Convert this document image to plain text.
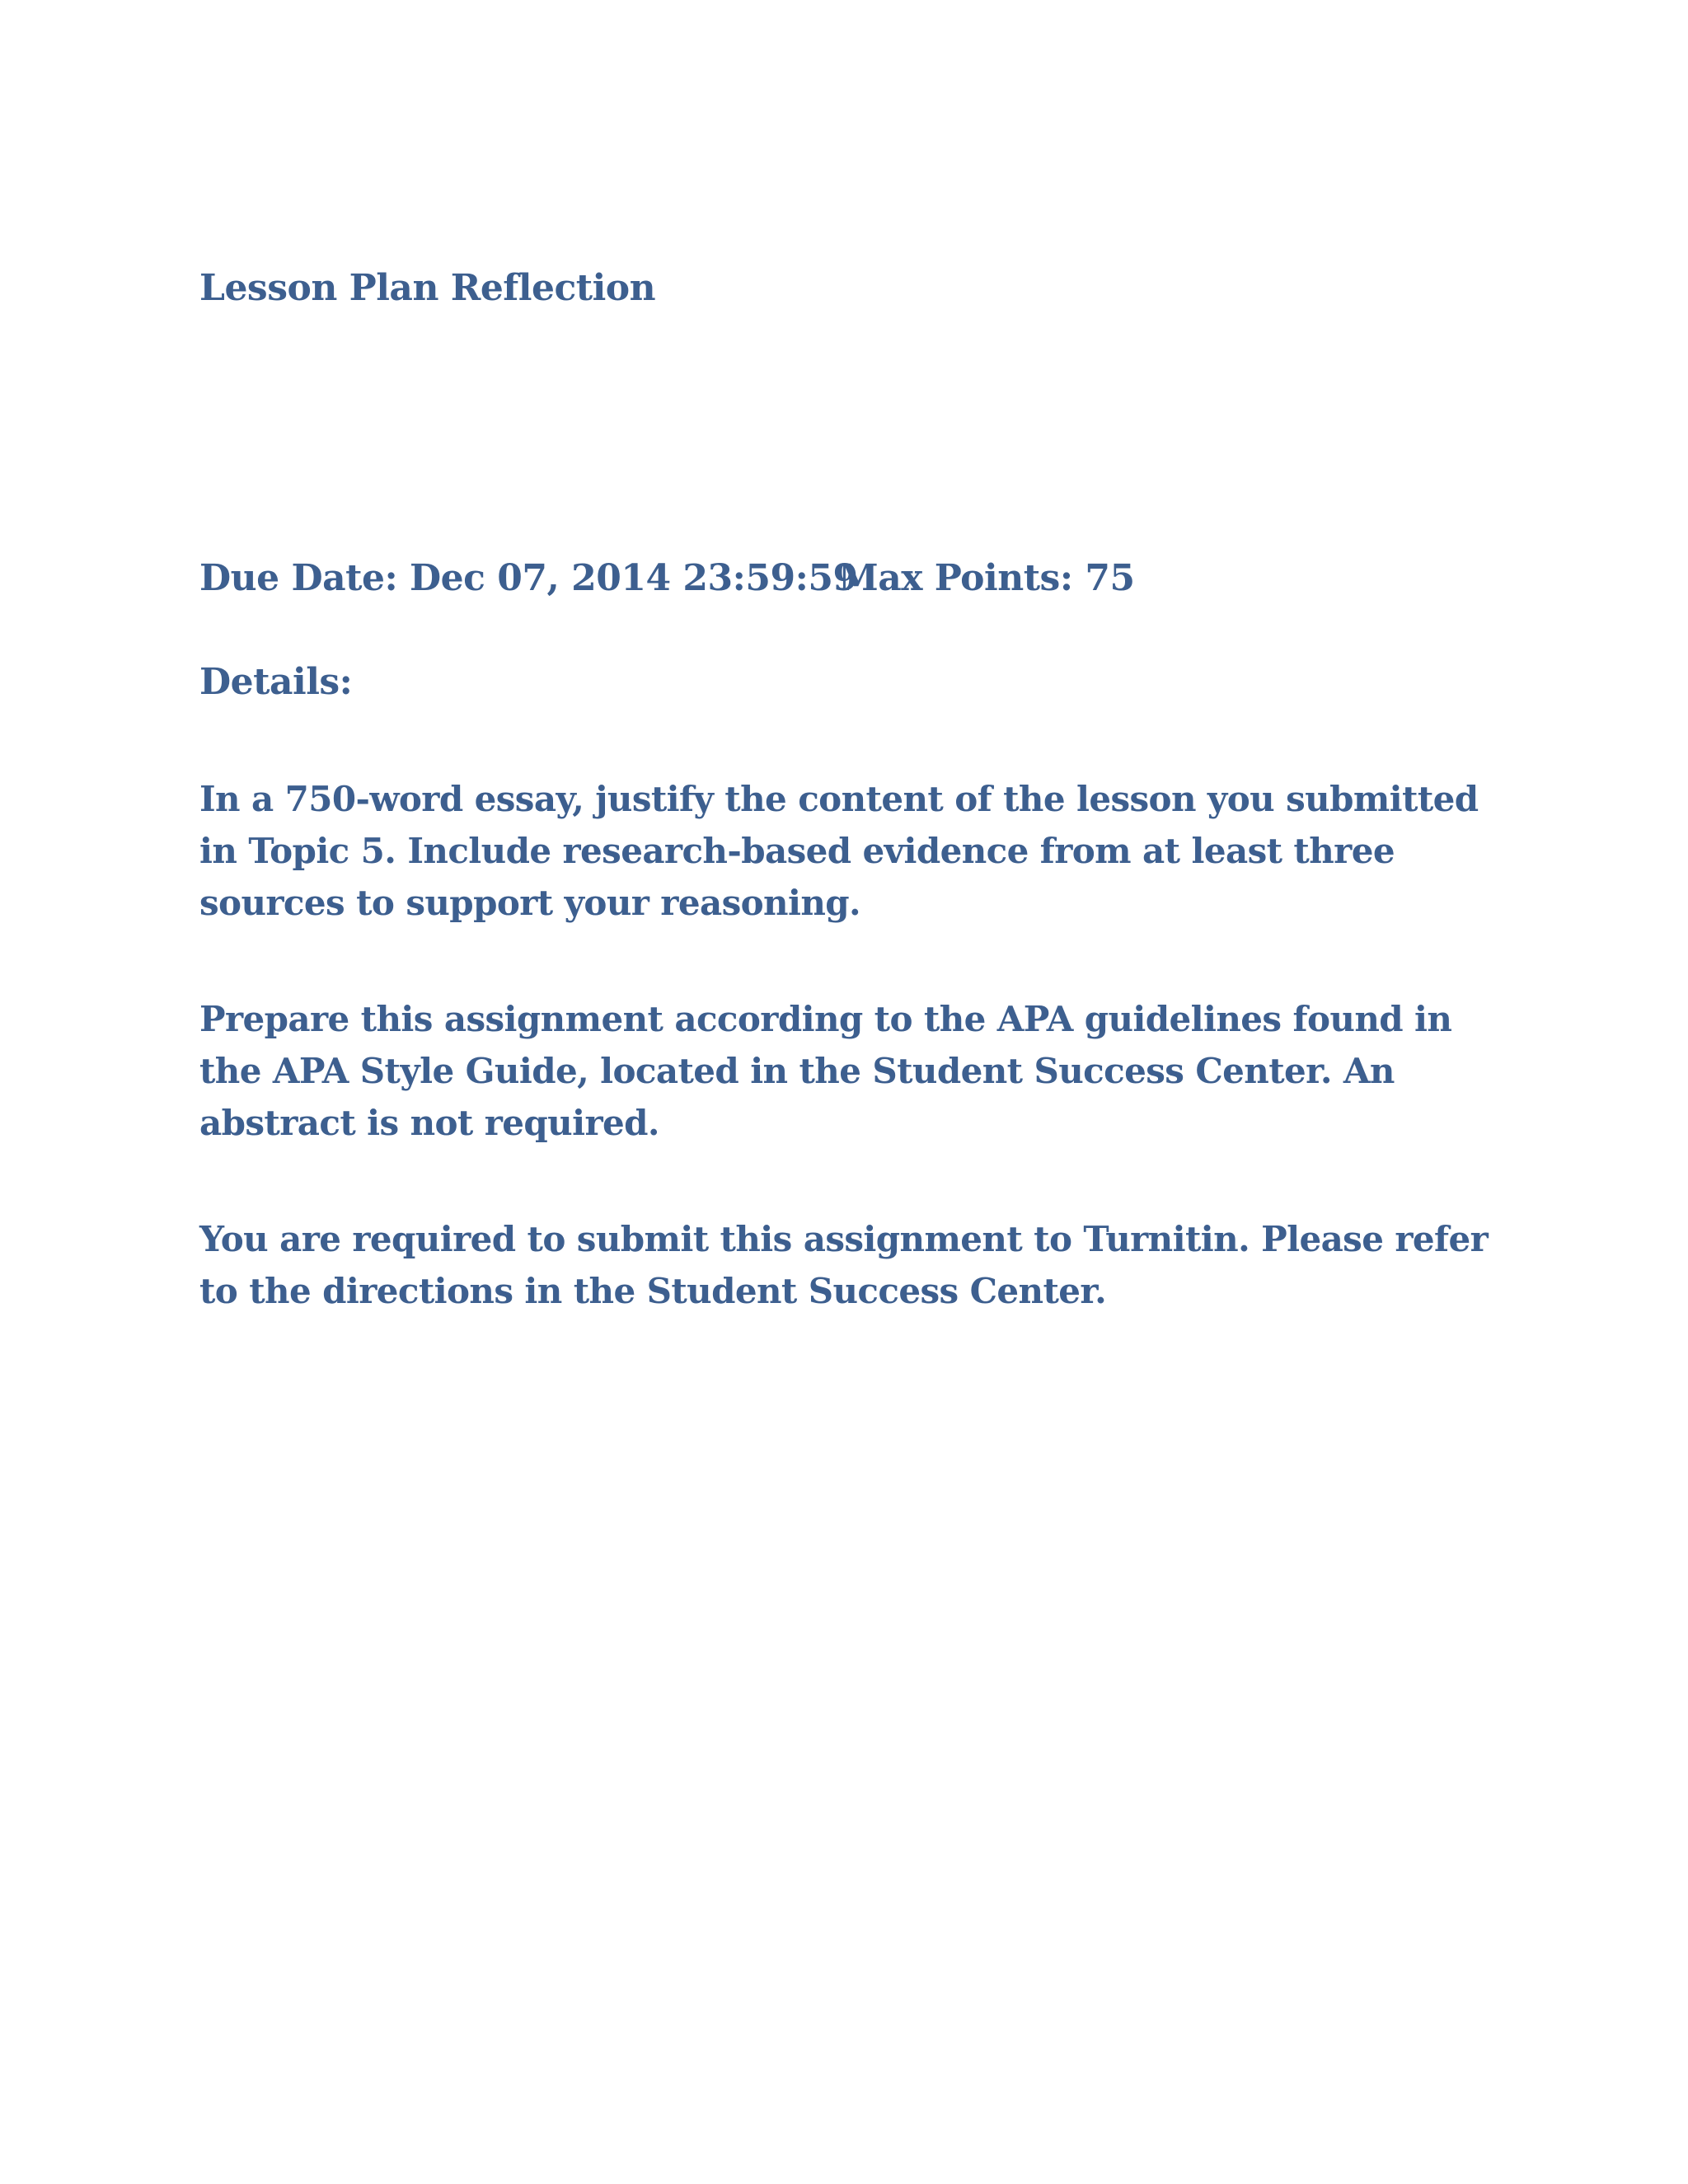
Lesson Plan Reflection

Due Date: Dec 07, 2014 23:59:59
Max Points: 75

Details:

In a 750-word essay, justify the content of the lesson you submitted in Topic 5. Include research-based evidence from at least three sources to support your reasoning.

Prepare this assignment according to the APA guidelines found in the APA Style Guide, located in the Student Success Center. An abstract is not required.

You are required to submit this assignment to Turnitin. Please refer to the directions in the Student Success Center.
